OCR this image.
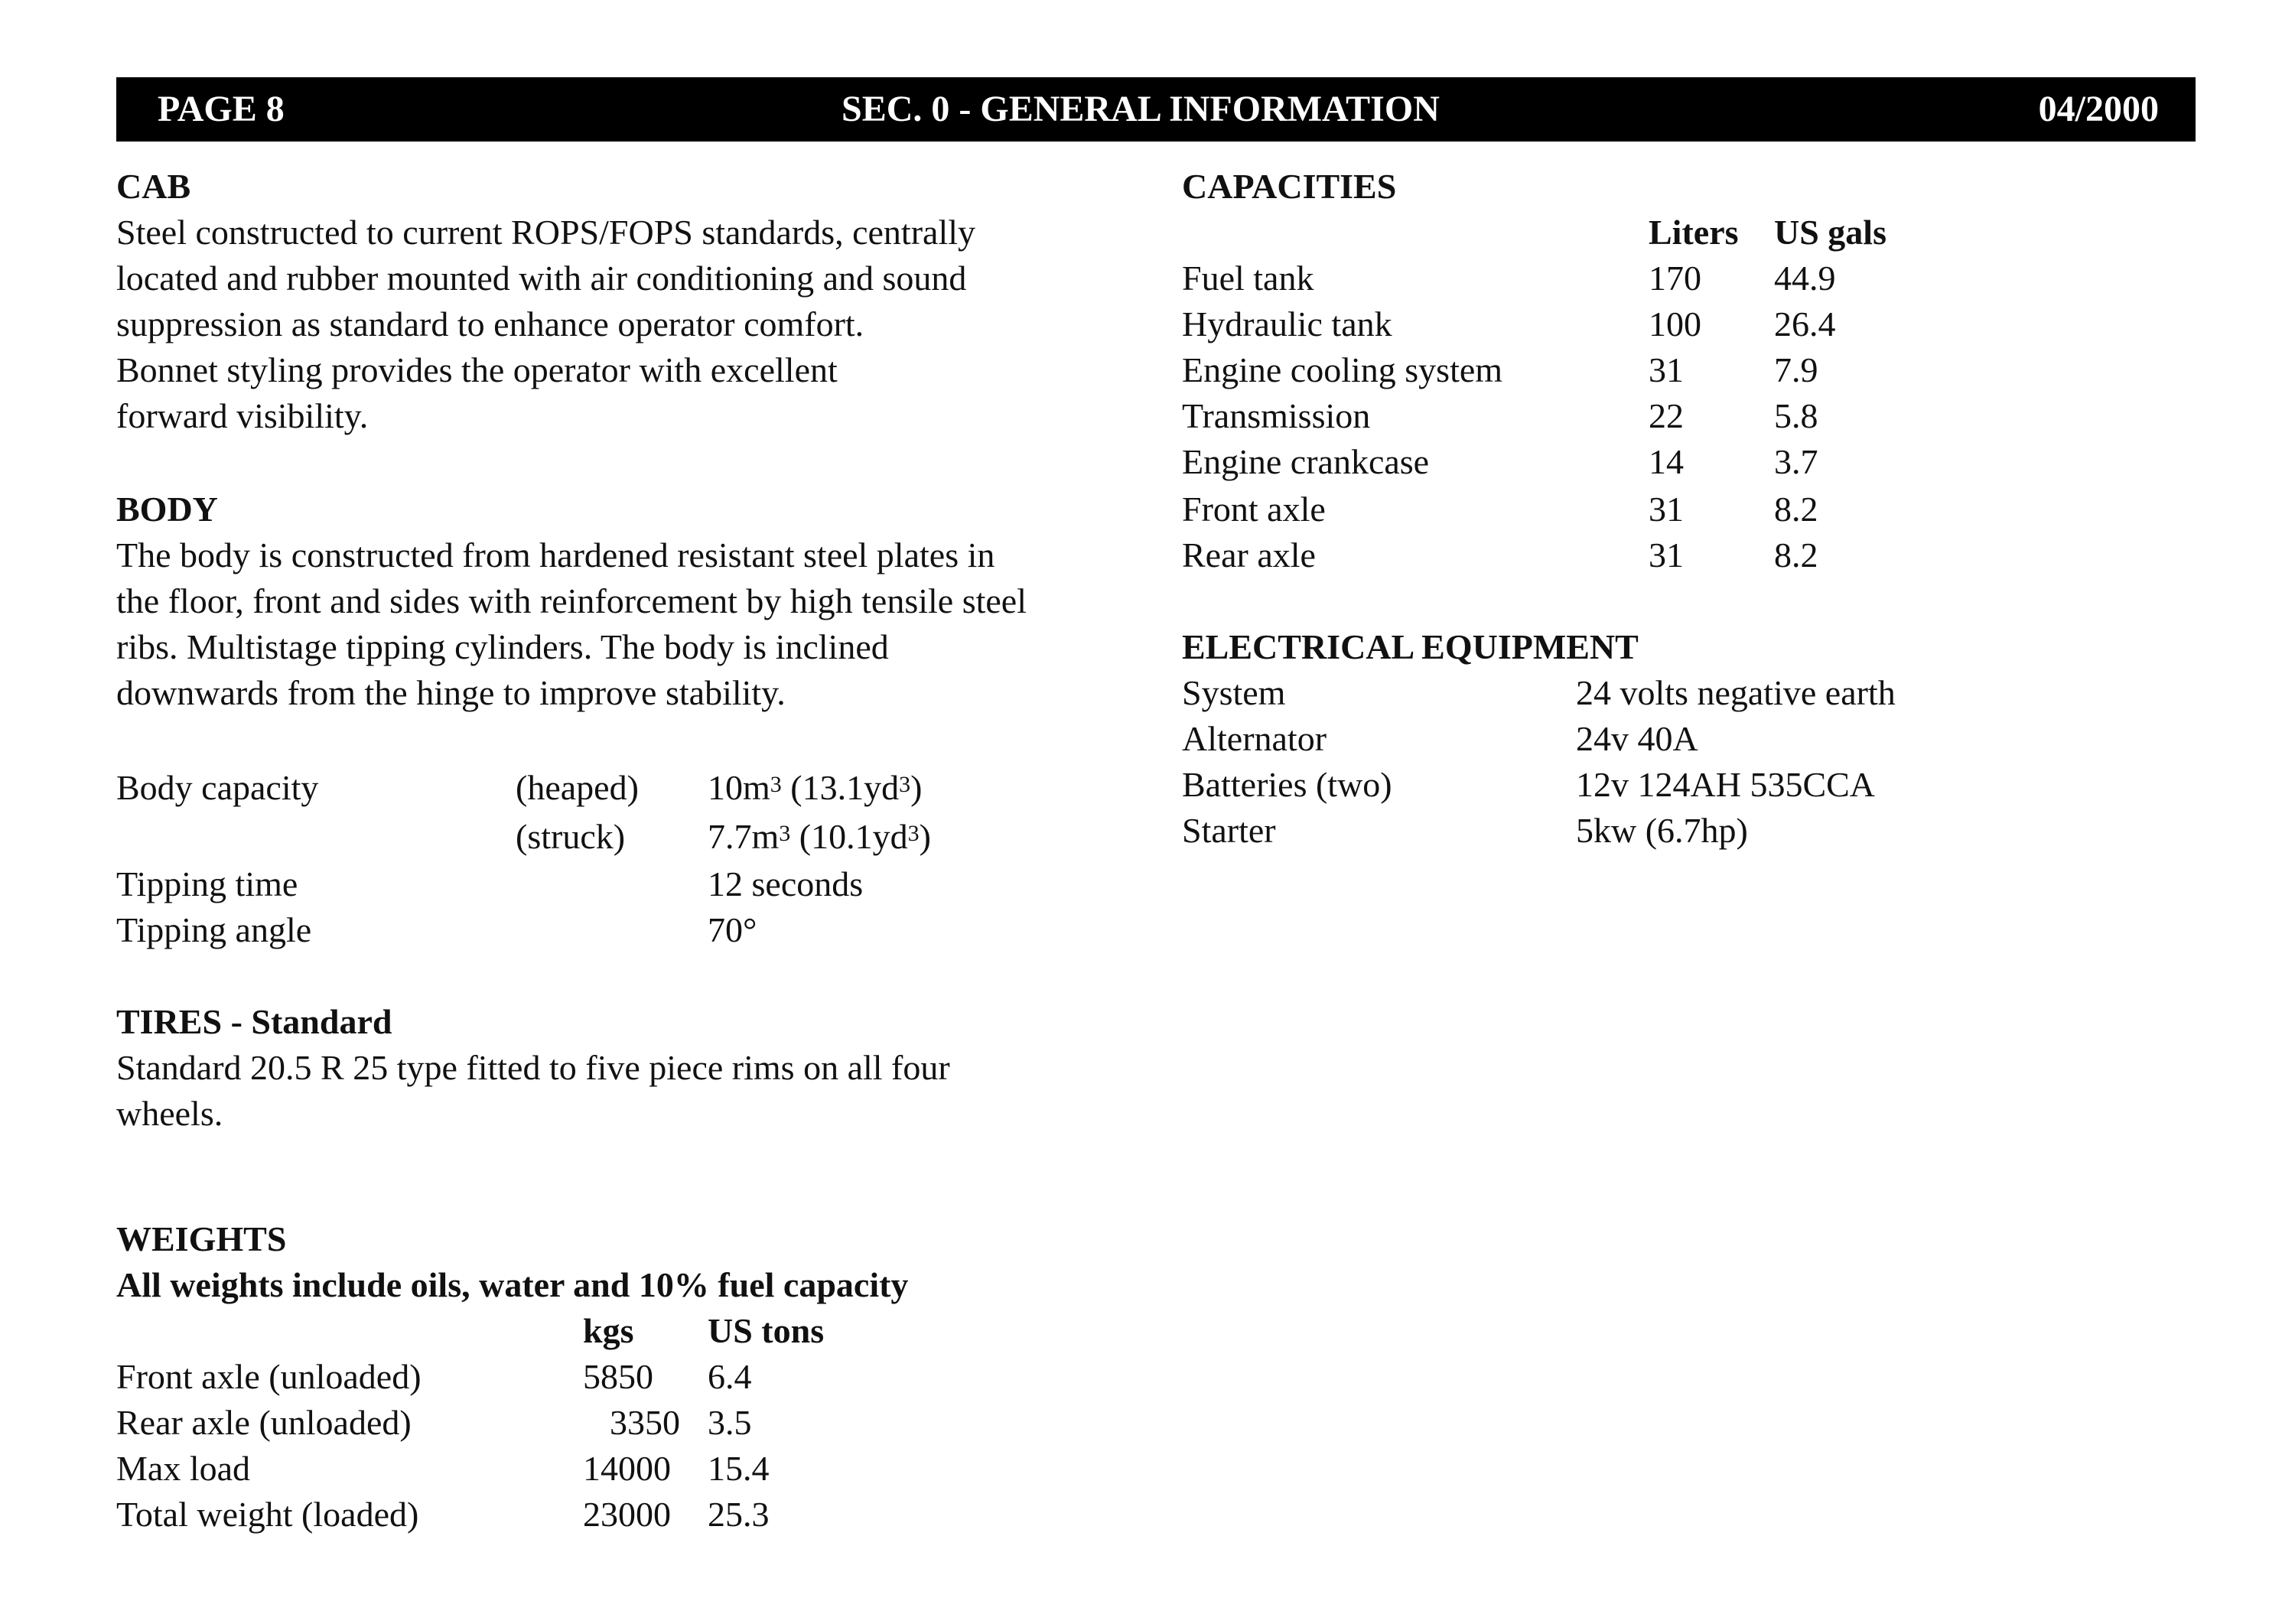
PAGE 8	SEC. 0 - GENERAL INFORMATION	04/2000
CAB
Steel constructed to current ROPS/FOPS standards, centrally
located and rubber mounted with air conditioning and sound
suppression as standard to enhance operator comfort.
Bonnet styling provides the operator with excellent
forward visibility.
BODY
The body is constructed from hardened resistant steel plates in
the floor, front and sides with reinforcement by high tensile steel
ribs. Multistage tipping cylinders. The body is inclined
downwards from the hinge to improve stability.
Body capacity	(heaped) $10m^3$ $(13.1yd^3)$
(struck) $7.7m^3$ $(10.1yd^3)$
Tipping time	12 seconds
Tipping angle	70°
TIRES - Standard
Standard 20.5 R 25 type fitted to five piece rims on all four
wheels.
WEIGHTS
All weights include oils, water and 10% fuel capacity
kgs US tons
Front axle (unloaded)	5850 6.4
Rear axle (unloaded)	3350 3.5
Max load	14000 15.4
Total weight (loaded)	23000 25.3
CAPACITIES
Liters US gals
Fuel tank	170 44.9
Hydraulic tank	100 26.4
Engine cooling system	31	7.9
Transmission	22	5.8
Engine crankcase	14	3.7
Front axle	31	8.2
Rear axle	31	8.2
ELECTRICAL EQUIPMENT
System	24 volts negative earth
Alternator	24v 40A
Batteries (two)	12v 124AH 535CCA
Starter	5kw (6.7hp)
